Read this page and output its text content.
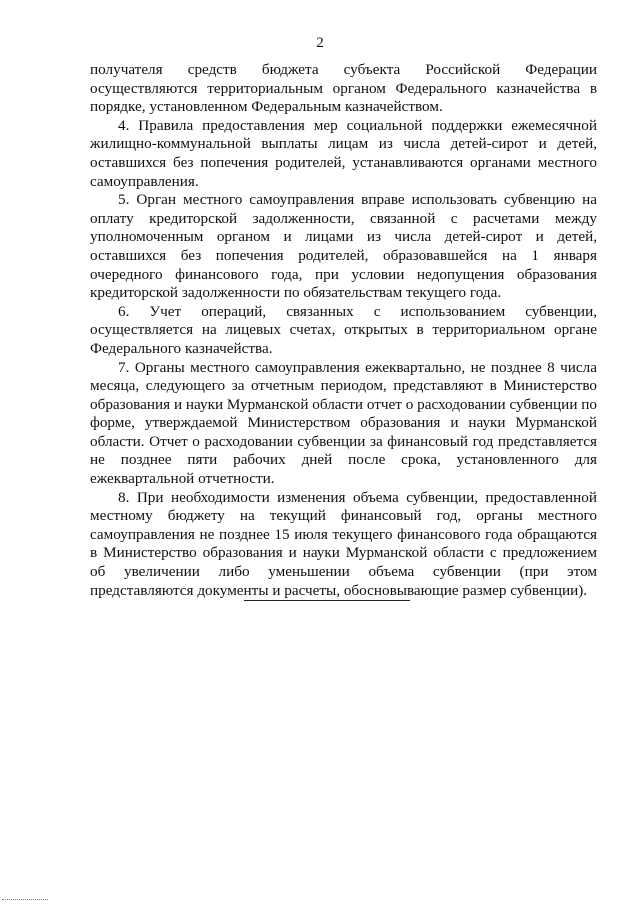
2

получателя средств бюджета субъекта Российской Федерации осуществляются территориальным органом Федерального казначейства в порядке, установленном Федеральным казначейством.

4. Правила предоставления мер социальной поддержки ежемесячной жилищно-коммунальной выплаты лицам из числа детей-сирот и детей, оставшихся без попечения родителей, устанавливаются органами местного самоуправления.

5. Орган местного самоуправления вправе использовать субвенцию на оплату кредиторской задолженности, связанной с расчетами между уполномоченным органом и лицами из числа детей-сирот и детей, оставшихся без попечения родителей, образовавшейся на 1 января очередного финансового года, при условии недопущения образования кредиторской задолженности по обязательствам текущего года.

6. Учет операций, связанных с использованием субвенции, осуществляется на лицевых счетах, открытых в территориальном органе Федерального казначейства.

7. Органы местного самоуправления ежеквартально, не позднее 8 числа месяца, следующего за отчетным периодом, представляют в Министерство образования и науки Мурманской области отчет о расходовании субвенции по форме, утверждаемой Министерством образования и науки Мурманской области. Отчет о расходовании субвенции за финансовый год представляется не позднее пяти рабочих дней после срока, установленного для ежеквартальной отчетности.

8. При необходимости изменения объема субвенции, предоставленной местному бюджету на текущий финансовый год, органы местного самоуправления не позднее 15 июля текущего финансового года обращаются в Министерство образования и науки Мурманской области с предложением об увеличении либо уменьшении объема субвенции (при этом представляются документы и расчеты, обосновывающие размер субвенции).
